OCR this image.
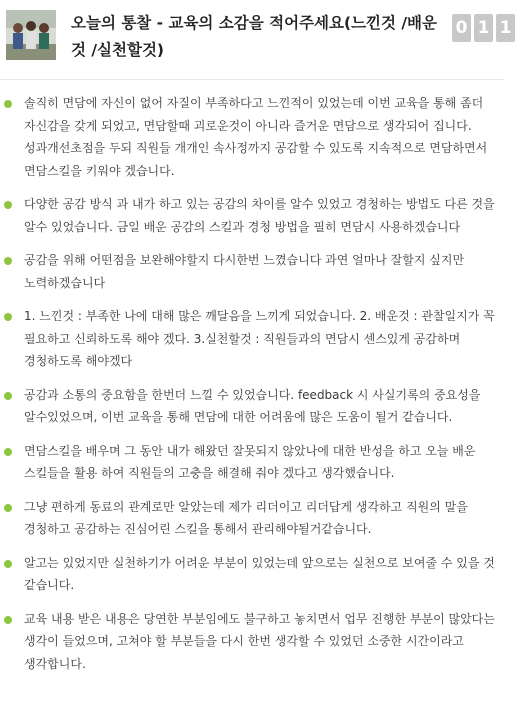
오늘의 통찰 - 교육의 소감을 적어주세요(느낀것 /배운것 /실천할것)
0 1 1
솔직히 면담에 자신이 없어 자질이 부족하다고 느낀적이 있었는데 이번 교육을 통해 좀더 자신감을 갖게 되었고, 면담할때 괴로운것이 아니라 즐거운 면담으로 생각되어 집니다. 성과개선초점을 두되 직원들 개개인 속사정까지 공감할 수 있도록 지속적으로 면담하면서 면담스킬을 키워야 겠습니다.
다양한 공감 방식 과 내가 하고 있는 공감의 차이를 알수 있었고 경청하는 방법도 다른 것을 알수 있었습니다. 금일 배운 공감의 스킬과 경청 방법을 필히 면담시 사용하겠습니다
공감을 위해 어떤점을 보완해야할지 다시한번 느꼈습니다 과연 얼마나 잘할지 싶지만 노력하겠습니다
1. 느낀것 : 부족한 나에 대해 많은 깨달음을 느끼게 되었습니다. 2. 배운것 : 관찰일지가 꼭 필요하고 신뢰하도록 해야 겠다. 3.실천할것 : 직원들과의 면담시 센스있게 공감하며 경청하도록 해야겠다
공감과 소통의 중요함을 한번더 느낄 수 있었습니다. feedback 시 사실기록의 중요성을 알수있었으며, 이번 교육을 통해 면담에 대한 어려움에 많은 도움이 될거 같습니다.
면담스킬을 배우며 그 동안 내가 해왔던 잘못되지 않았나에 대한 반성을 하고 오늘 배운 스킬들을 활용 하여 직원들의 고충을 해결해 줘야 겠다고 생각했습니다.
그냥 편하게 동료의 관계로만 알았는데 제가 리더이고 리더답게 생각하고 직원의 말을 경청하고 공감하는 진심어린 스킬을 통해서 관리해야될거같습니다.
알고는 있었지만 실천하기가 어려운 부분이 있었는데 앞으로는 실천으로 보여줄 수 있을 것 같습니다.
교육 내용 받은 내용은 당연한 부분임에도 불구하고 놓치면서 업무 진행한 부분이 많았다는 생각이 들었으며, 고쳐야 할 부분들을 다시 한번 생각할 수 있었던 소중한 시간이라고 생각합니다.
